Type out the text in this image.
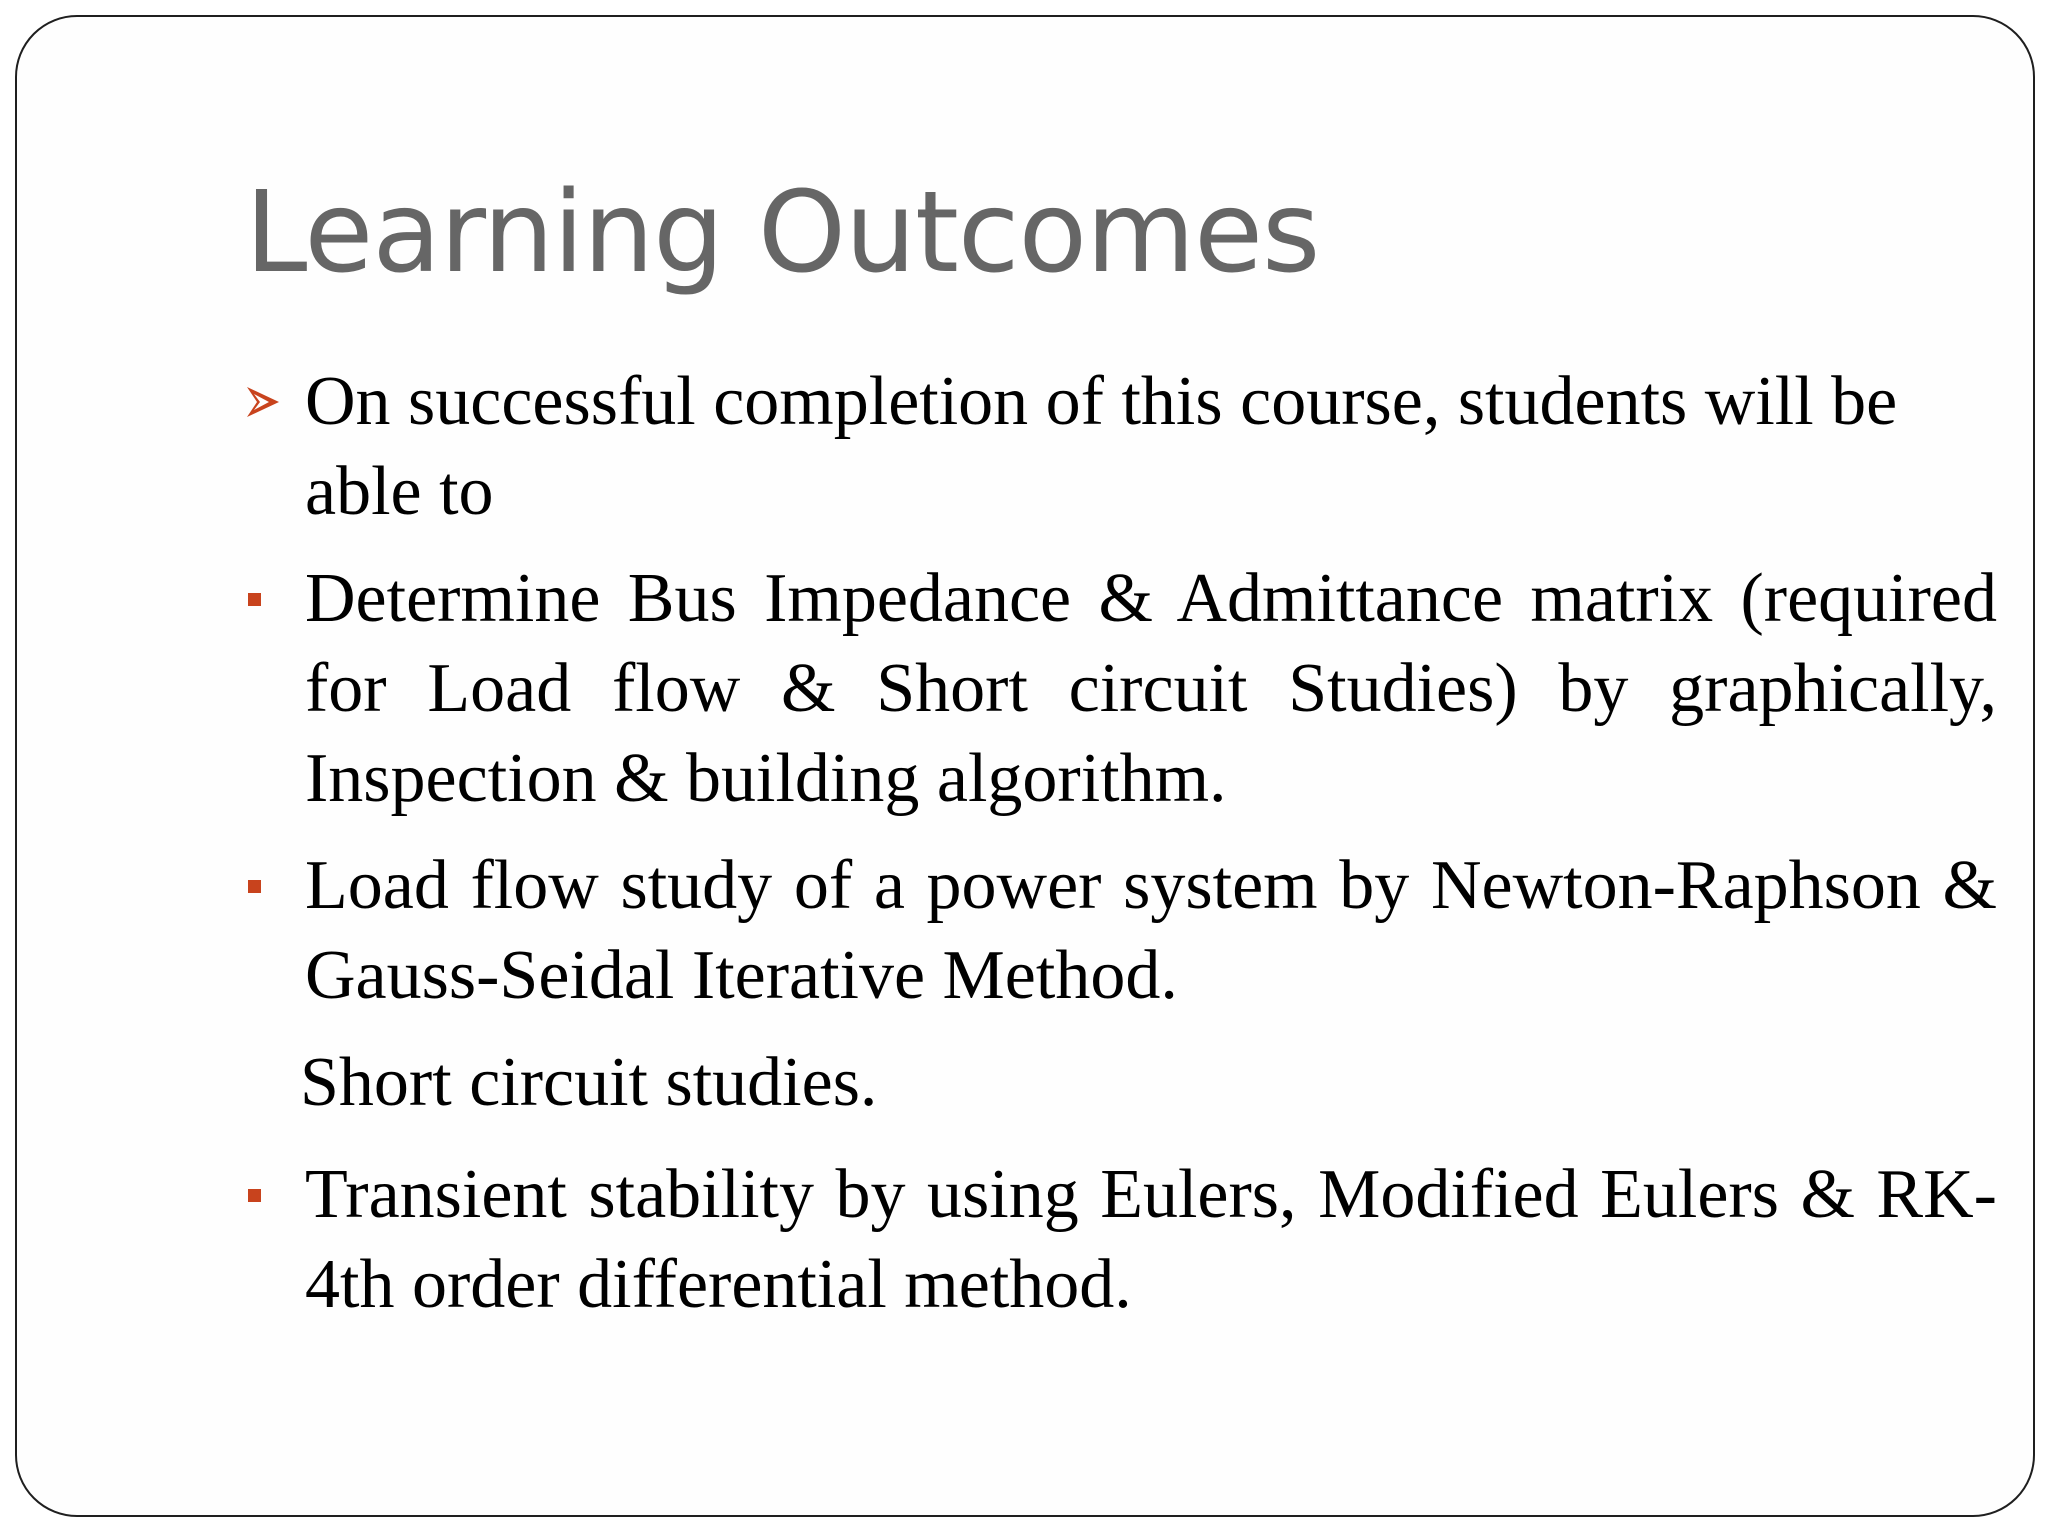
Learning Outcomes
On successful completion of this course, students will be able to
Determine Bus Impedance & Admittance matrix (required for Load flow & Short circuit Studies) by graphically, Inspection & building algorithm.
Load flow study of a power system by Newton-Raphson & Gauss-Seidal Iterative Method.
Short circuit studies.
Transient stability by using Eulers, Modified Eulers & RK-4th order differential method.
